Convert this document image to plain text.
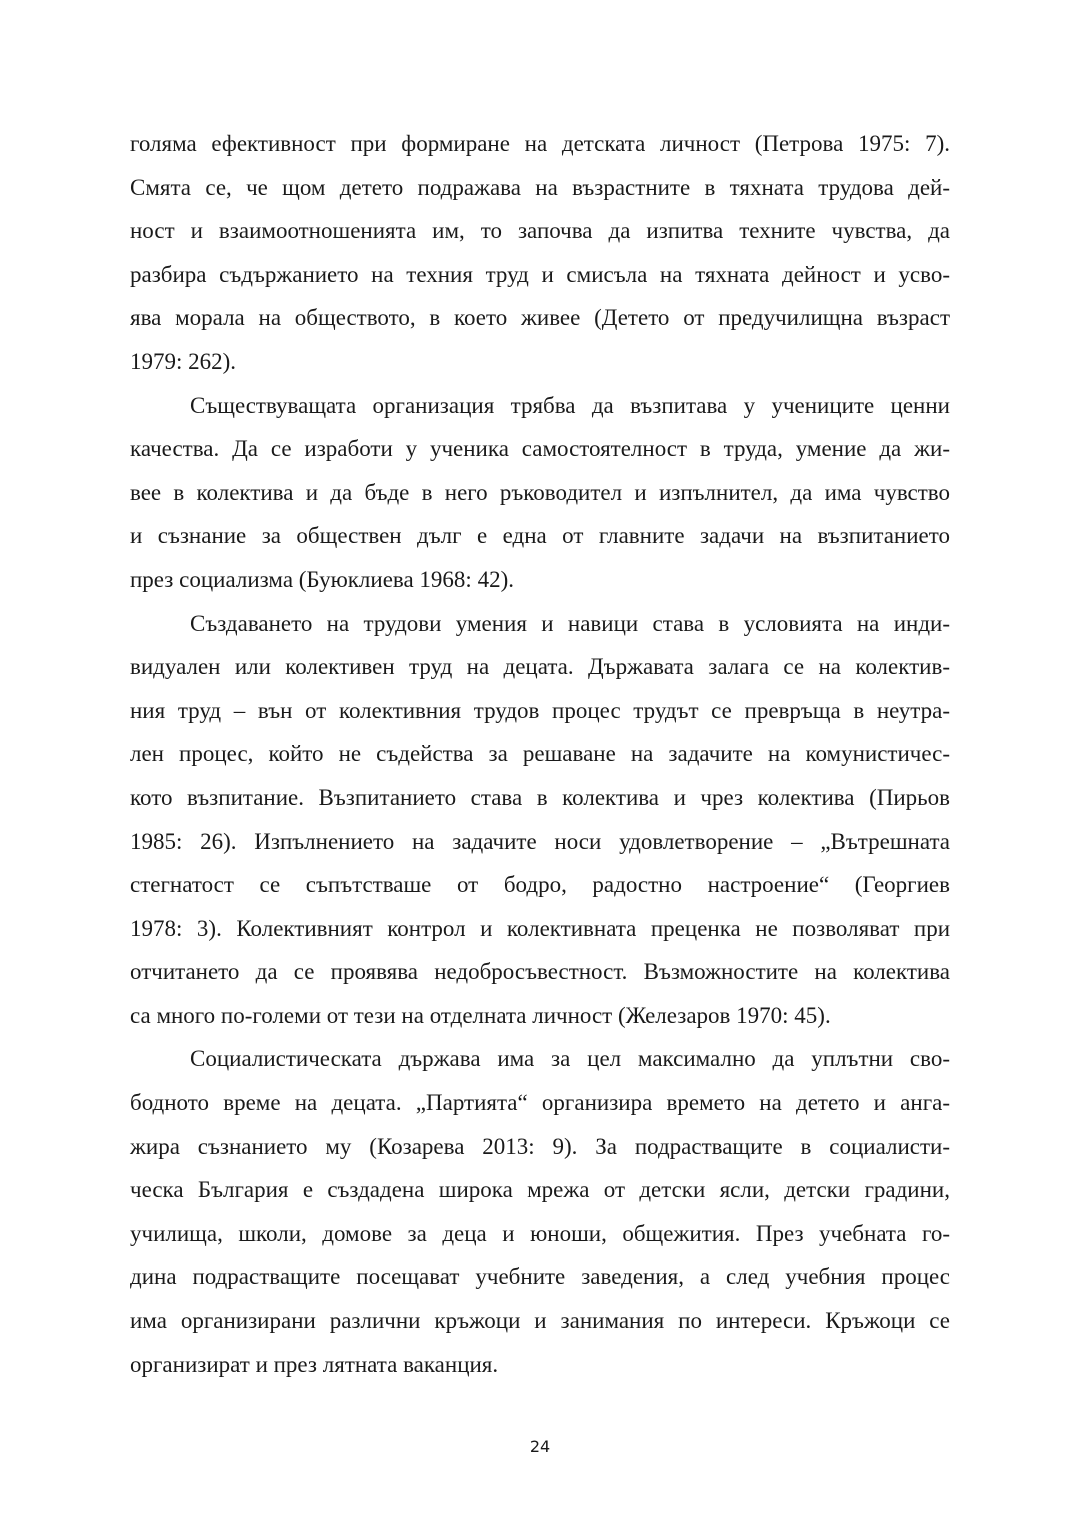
голяма ефективност при формиране на детската личност (Петрова 1975: 7).
Смята се, че щом детето подражава на възрастните в тяхната трудова дей-
ност и взаимоотношенията им, то започва да изпитва техните чувства, да
разбира съдържанието на техния труд и смисъла на тяхната дейност и усво-
ява морала на обществото, в което живее (Детето от предучилищна възраст
1979: 262).
Съществуващата организация трябва да възпитава у учениците ценни
качества. Да се изработи у ученика самостоятелност в труда, умение да жи-
вее в колектива и да бъде в него ръководител и изпълнител, да има чувство
и съзнание за обществен дълг е една от главните задачи на възпитанието
през социализма (Буюклиева 1968: 42).
Създаването на трудови умения и навици става в условията на инди-
видуален или колективен труд на децата. Държавата залага се на колектив-
ния труд – вън от колективния трудов процес трудът се превръща в неутра-
лен процес, който не съдейства за решаване на задачите на комунистичес-
кото възпитание. Възпитанието става в колектива и чрез колектива (Пирьов
1985: 26). Изпълнението на задачите носи удовлетворение – „Вътрешната
стегнатост се съпътстваше от бодро, радостно настроение“ (Георгиев
1978: 3). Колективният контрол и колективната преценка не позволяват при
отчитането да се проявява недобросъвестност. Възможностите на колектива
са много по-големи от тези на отделната личност (Железаров 1970: 45).
Социалистическата държава има за цел максимално да уплътни сво-
бодното време на децата. „Партията“ организира времето на детето и анга-
жира съзнанието му (Козарева 2013: 9). За подрастващите в социалисти-
ческа България е създадена широка мрежа от детски ясли, детски градини,
училища, школи, домове за деца и юноши, общежития. През учебната го-
дина подрастващите посещават учебните заведения, а след учебния процес
има организирани различни кръжоци и занимания по интереси. Кръжоци се
организират и през лятната ваканция.
24
